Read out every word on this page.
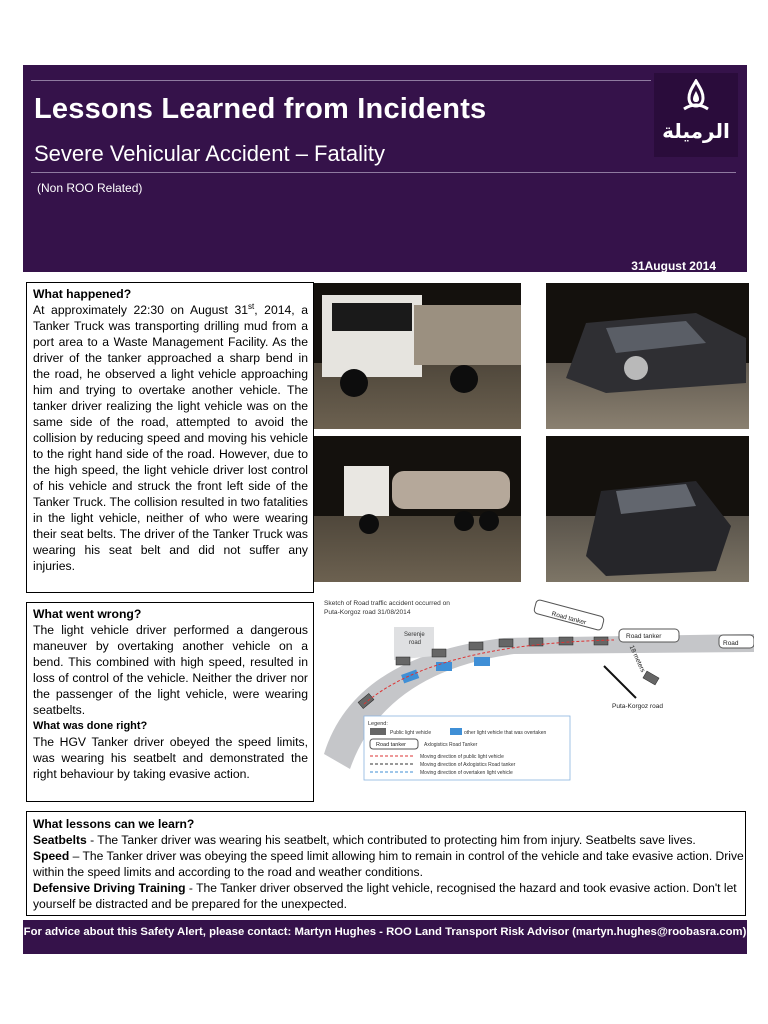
Lessons Learned from Incidents
Severe Vehicular Accident – Fatality
(Non ROO Related)
31August 2014
الرميلة
What happened?
At approximately 22:30 on August 31st, 2014, a Tanker Truck was transporting drilling mud from a port area to a Waste Management Facility. As the driver of the tanker approached a sharp bend in the road, he observed a light vehicle approaching him and trying to overtake another vehicle. The tanker driver realizing the light vehicle was on the same side of the road, attempted to avoid the collision by reducing speed and moving his vehicle to the right hand side of the road. However, due to the high speed, the light vehicle driver lost control of his vehicle and struck the front left side of the Tanker Truck. The collision resulted in two fatalities in the light vehicle, neither of who were wearing their seat belts. The driver of the Tanker Truck was wearing his seat belt and did not suffer any injuries.
What went wrong?
The light vehicle driver performed a dangerous maneuver by overtaking another vehicle on a bend. This combined with high speed, resulted in loss of control of the vehicle. Neither the driver nor the passenger of the light vehicle, were wearing seatbelts.
What was done right?
The HGV Tanker driver obeyed the speed limits, was wearing his seatbelt and demonstrated the right behaviour by taking evasive action.
Sketch of Road traffic accident occurred on
Puta-Korgoz road 31/08/2014
Serenje
road
Road tanker
Road tanker
Road
18 meters
Puta-Korgoz road
Legend:
Public light vehicle	other light vehicle that was overtaken
Road tanker	Axlogistics Road Tanker
Moving direction of public light vehicle
Moving direction of Axlogistics Road tanker
Moving direction of overtaken light vehicle
What lessons can we learn?
Seatbelts - The Tanker driver was wearing his seatbelt, which contributed to protecting him from injury. Seatbelts save lives.
Speed – The Tanker driver was obeying the speed limit allowing him to remain in control of the vehicle and take evasive action. Drive within the speed limits and according to the road and weather conditions.
Defensive Driving Training - The Tanker driver observed the light vehicle, recognised the hazard and took evasive action. Don't let yourself be distracted and be prepared for the unexpected.
For advice about this Safety Alert, please contact: Martyn Hughes - ROO Land Transport Risk Advisor (martyn.hughes@roobasra.com)
